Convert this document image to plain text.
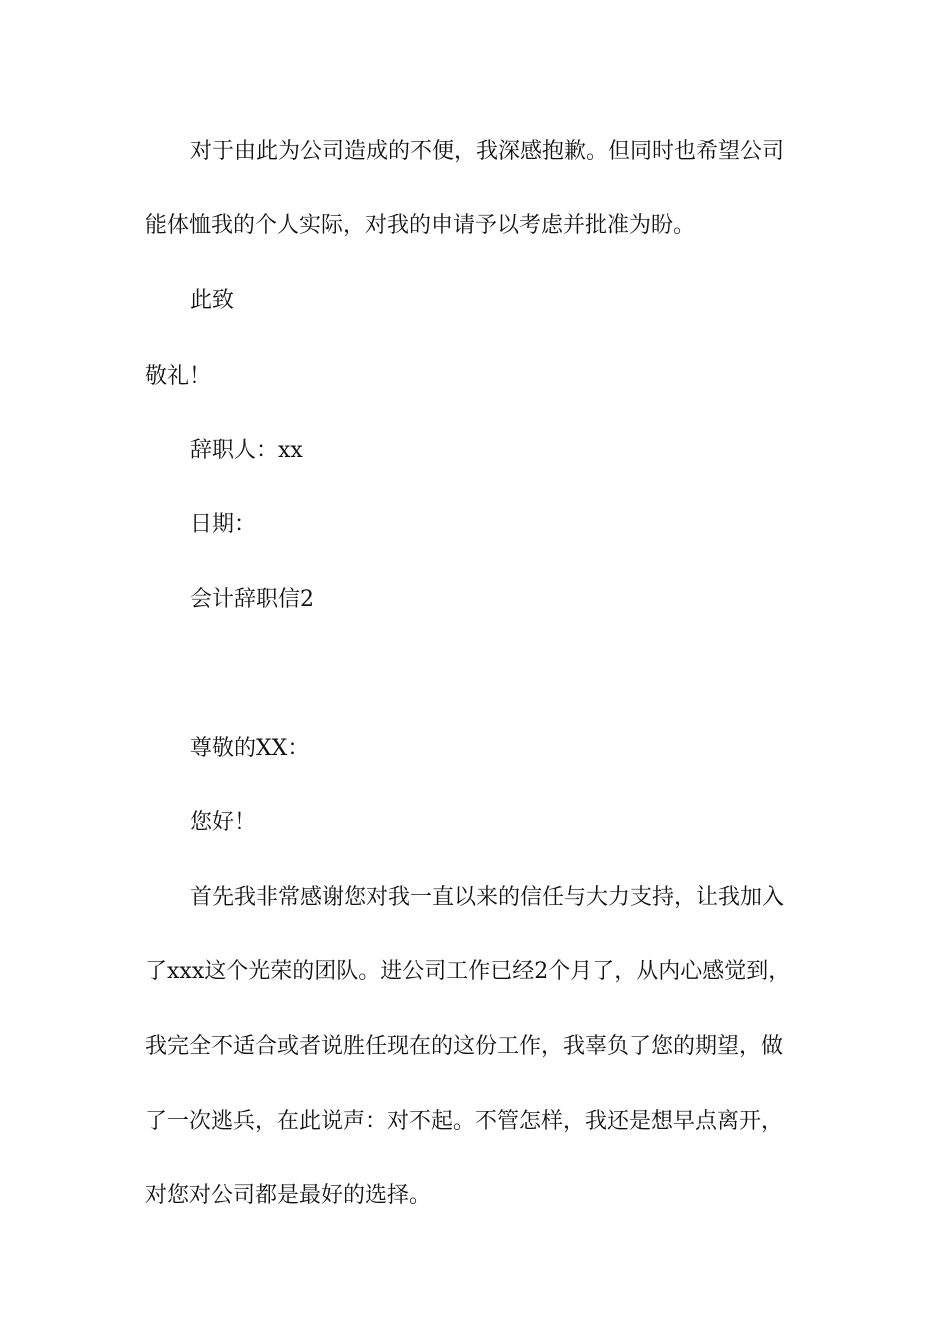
对于由此为公司造成的不便，我深感抱歉。但同时也希望公司

能体恤我的个人实际，对我的申请予以考虑并批准为盼。

此致

敬礼！

辞职人：xx

日期：

会计辞职信2

尊敬的XX：

您好！

首先我非常感谢您对我一直以来的信任与大力支持，让我加入

了xxx这个光荣的团队。进公司工作已经2个月了，从内心感觉到，

我完全不适合或者说胜任现在的这份工作，我辜负了您的期望，做

了一次逃兵，在此说声：对不起。不管怎样，我还是想早点离开，

对您对公司都是最好的选择。
